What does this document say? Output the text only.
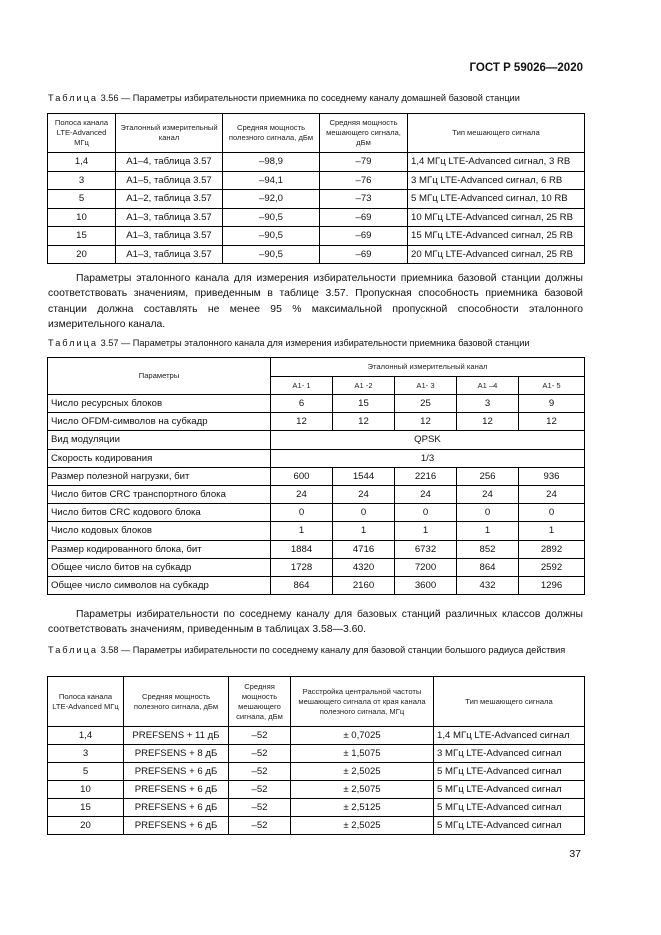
ГОСТ Р 59026—2020
Таблица 3.56 — Параметры избирательности приемника по соседнему каналу домашней базовой станции
Полоса канала LTE-Advanced МГц	Эталонный измерительный канал	Средняя мощность полезного сигнала, дБм	Средняя мощность мешающего сигнала, дБм	Тип мешающего сигнала
1,4	А1–4, таблица 3.57	–98,9	–79	1,4 МГц LTE-Advanced сигнал, 3 RB
3	А1–5, таблица 3.57	–94,1	–76	3 МГц LTE-Advanced сигнал, 6 RB
5	А1–2, таблица 3.57	–92,0	–73	5 МГц LTE-Advanced сигнал, 10 RB
10	А1–3, таблица 3.57	–90,5	–69	10 МГц LTE-Advanced сигнал, 25 RB
15	А1–3, таблица 3.57	–90,5	–69	15 МГц LTE-Advanced сигнал, 25 RB
20	А1–3, таблица 3.57	–90,5	–69	20 МГц LTE-Advanced сигнал, 25 RB
Параметры эталонного канала для измерения избирательности приемника базовой станции должны соответствовать значениям, приведенным в таблице 3.57. Пропускная способность приемника базовой станции должна составлять не менее 95 % максимальной пропускной способности эталонного измерительного канала.
Таблица 3.57 — Параметры эталонного канала для измерения избирательности приемника базовой станции
Параметры	Эталонный измерительный канал				
	А1- 1	А1 -2	А1- 3	А1 –4	А1- 5
Число ресурсных блоков	6	15	25	3	9
Число OFDM-символов на субкадр	12	12	12	12	12
Вид модуляции	QPSK				
Скорость кодирования	1/3				
Размер полезной нагрузки, бит	600	1544	2216	256	936
Число битов CRC транспортного блока	24	24	24	24	24
Число битов CRC кодового блока	0	0	0	0	0
Число кодовых блоков	1	1	1	1	1
Размер кодированного блока, бит	1884	4716	6732	852	2892
Общее число битов на субкадр	1728	4320	7200	864	2592
Общее число символов на субкадр	864	2160	3600	432	1296
Параметры избирательности по соседнему каналу для базовых станций различных классов должны соответствовать значениям, приведенным в таблицах 3.58—3.60.
Таблица 3.58 — Параметры избирательности по соседнему каналу для базовой станции большого радиуса действия
Полоса канала LTE-Advanced МГц	Средняя мощность полезного сигнала, дБм	Средняя мощность мешающего сигнала, дБм	Расстройка центральной частоты мешающего сигнала от края канала полезного сигнала, МГц	Тип мешающего сигнала
1,4	PREFSENS + 11 дБ	–52	± 0,7025	1,4 МГц LTE-Advanced сигнал
3	PREFSENS + 8 дБ	–52	± 1,5075	3 МГц LTE-Advanced сигнал
5	PREFSENS + 6 дБ	–52	± 2,5025	5 МГц LTE-Advanced сигнал
10	PREFSENS + 6 дБ	–52	± 2,5075	5 МГц LTE-Advanced сигнал
15	PREFSENS + 6 дБ	–52	± 2,5125	5 МГц LTE-Advanced сигнал
20	PREFSENS + 6 дБ	–52	± 2,5025	5 МГц LTE-Advanced сигнал
37
